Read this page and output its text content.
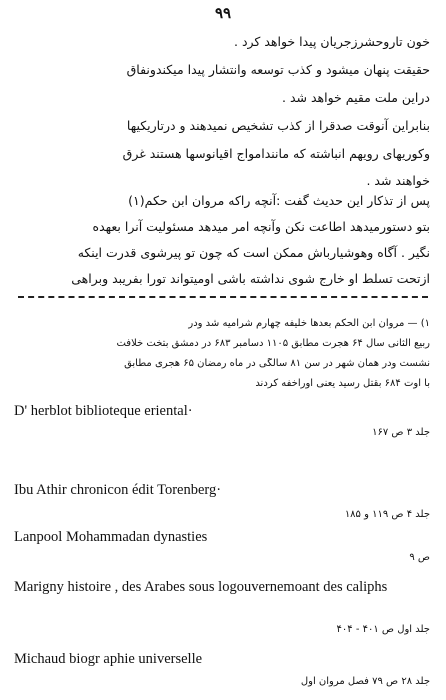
۹۹
خون تاروحشرزجریان پیدا خواهد کرد .
حقیقت پنهان میشود و کذب توسعه وانتشار پیدا میکندونفاق
دراین ملت مقیم خواهد شد .
بنابراین آنوقت صدقرا از کذب تشخیص نمیدهند و درتاریکیها
وکوریهای رویهم انباشته که مانندامواج اقیانوسها هستند غرق
خواهند شد .
پس از تذکار این حدیث گفت :آنچه راکه مروان ابن حکم(۱)
بتو دستورمیدهد اطاعت نکن وآنچه امر میدهد مسئولیت آنرا بعهده
نگیر . آگاه وهوشیارباش ممکن است که چون تو پیرشوی قدرت اینکه
ازتحت تسلط او خارج شوی نداشته باشی اومیتواند تورا بفریبد وبراهی
۱) — مروان ابن الحکم بعدها خلیفه چهارم شرامیه شد ودر
ربیع الثانی سال ۶۴ هجرت مطابق ۱۱۰۵ دسامبر ۶۸۳ در دمشق بتخت خلافت
نشست ودر همان شهر در سن ۸۱ سالگی در ماه رمضان ۶۵ هجری مطابق
با اوت ۶۸۴ بقتل رسید یعنی اوراخفه کردند
D' herblot biblioteque eriental·
جلد ۳ ص ۱۶۷
Ibu Athir chronicon édit Torenberg·
جلد ۴ ص ۱۱۹ و ۱۸۵
Lanpool Mohammadan dynasties
ص ۹
Marigny histoire , des Arabes sous logouvernemoant des caliphs
جلد اول ص ۴۰۱ - ۴۰۴
Michaud biogr aphie universelle
جلد ۲۸ ص ۷۹ فصل مروان اول
